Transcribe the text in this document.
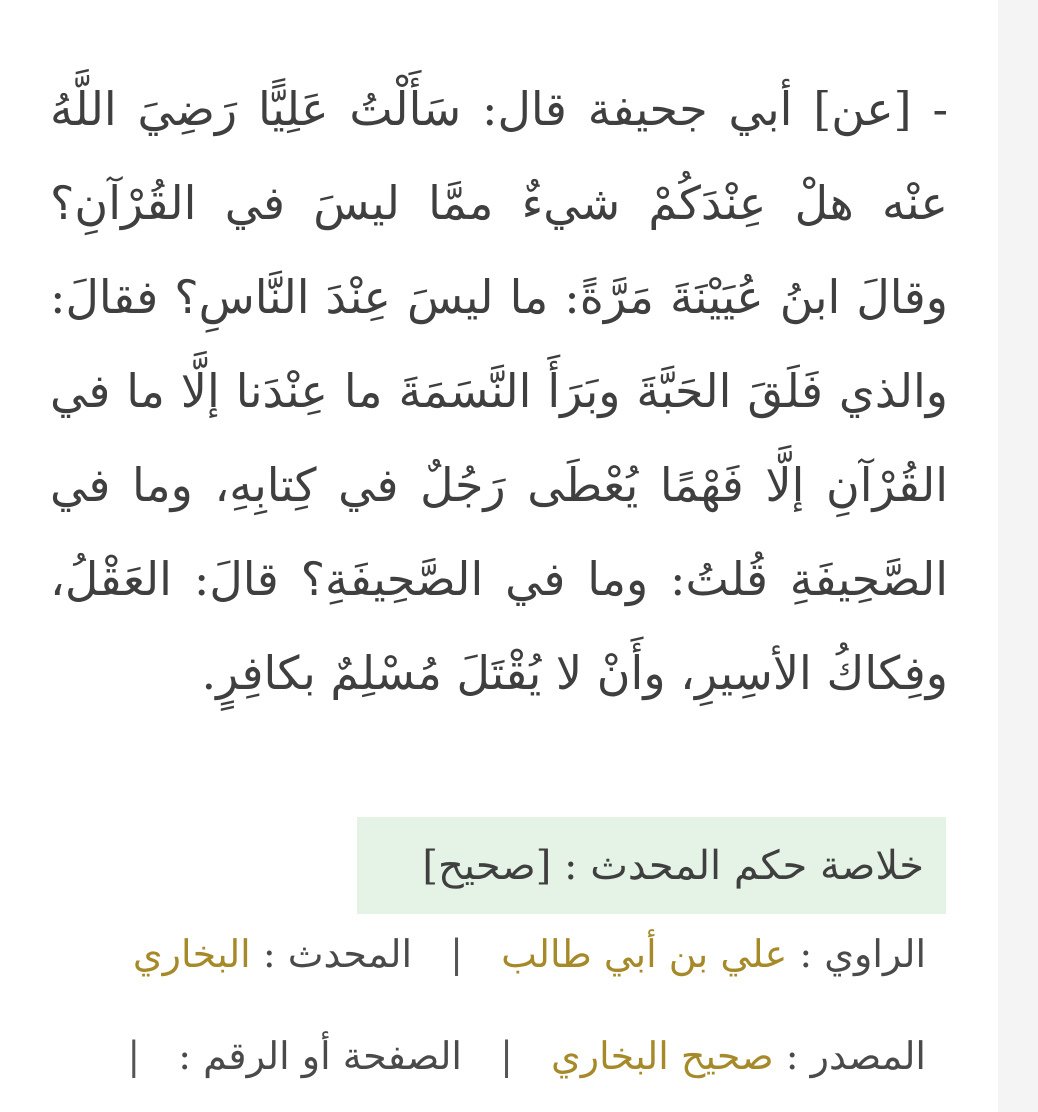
- [عن] أبي جحيفة قال: سَأَلْتُ عَلِيًّا رَضِيَ اللَّهُ عنْه هلْ عِنْدَكُمْ شيءٌ ممَّا ليسَ في القُرْآنِ؟ وقالَ ابنُ عُيَيْنَةَ مَرَّةً: ما ليسَ عِنْدَ النَّاسِ؟ فقالَ: والذي فَلَقَ الحَبَّةَ وبَرَأَ النَّسَمَةَ ما عِنْدَنا إلَّا ما في القُرْآنِ إلَّا فَهْمًا يُعْطَى رَجُلٌ في كِتابِهِ، وما في الصَّحِيفَةِ قُلتُ: وما في الصَّحِيفَةِ؟ قالَ: العَقْلُ، وفِكاكُ الأسِيرِ، وأَنْ لا يُقْتَلَ مُسْلِمٌ بكافِرٍ.
خلاصة حكم المحدث : [صحيح]
الراوي : علي بن أبي طالب | المحدث : البخاري
المصدر : صحيح البخاري | الصفحة أو الرقم : |
